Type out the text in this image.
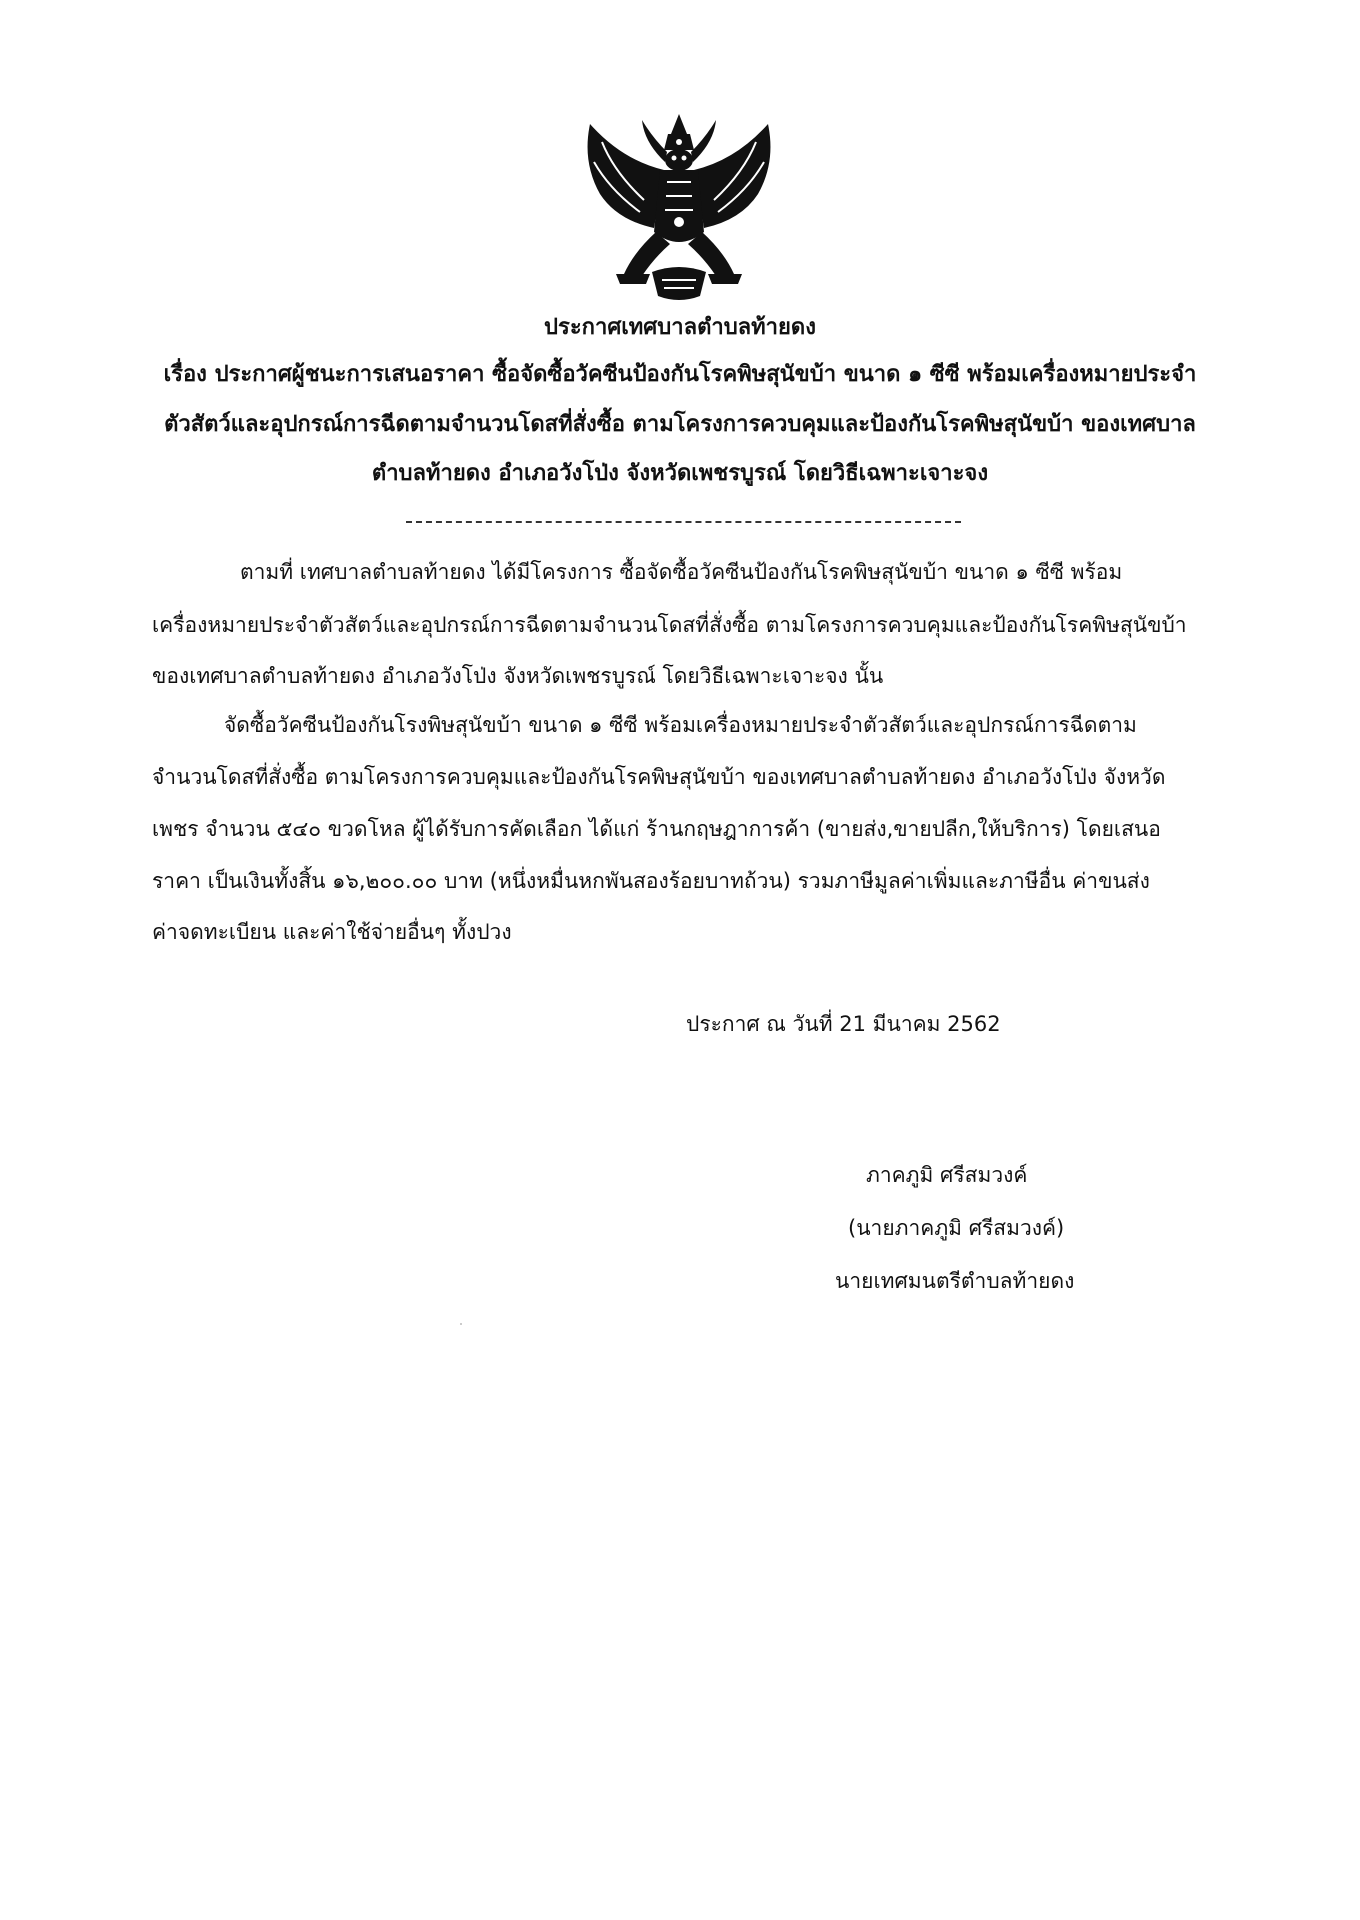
ประกาศเทศบาลตำบลท้ายดง
เรื่อง ประกาศผู้ชนะการเสนอราคา ซื้อจัดซื้อวัคซีนป้องกันโรคพิษสุนัขบ้า ขนาด ๑ ซีซี พร้อมเครื่องหมายประจำ
ตัวสัตว์และอุปกรณ์การฉีดตามจำนวนโดสที่สั่งซื้อ ตามโครงการควบคุมและป้องกันโรคพิษสุนัขบ้า ของเทศบาล
ตำบลท้ายดง อำเภอวังโป่ง จังหวัดเพชรบูรณ์ โดยวิธีเฉพาะเจาะจง
ตามที่ เทศบาลตำบลท้ายดง ได้มีโครงการ ซื้อจัดซื้อวัคซีนป้องกันโรคพิษสุนัขบ้า ขนาด ๑ ซีซี พร้อม
เครื่องหมายประจำตัวสัตว์และอุปกรณ์การฉีดตามจำนวนโดสที่สั่งซื้อ ตามโครงการควบคุมและป้องกันโรคพิษสุนัขบ้า
ของเทศบาลตำบลท้ายดง อำเภอวังโป่ง จังหวัดเพชรบูรณ์ โดยวิธีเฉพาะเจาะจง นั้น
จัดซื้อวัคซีนป้องกันโรงพิษสุนัขบ้า ขนาด ๑ ซีซี พร้อมเครื่องหมายประจำตัวสัตว์และอุปกรณ์การฉีดตาม
จำนวนโดสที่สั่งซื้อ ตามโครงการควบคุมและป้องกันโรคพิษสุนัขบ้า ของเทศบาลตำบลท้ายดง อำเภอวังโป่ง จังหวัด
เพชร จำนวน ๕๔๐ ขวดโหล ผู้ได้รับการคัดเลือก ได้แก่ ร้านกฤษฎาการค้า (ขายส่ง,ขายปลีก,ให้บริการ) โดยเสนอ
ราคา เป็นเงินทั้งสิ้น ๑๖,๒๐๐.๐๐ บาท (หนึ่งหมื่นหกพันสองร้อยบาทถ้วน) รวมภาษีมูลค่าเพิ่มและภาษีอื่น ค่าขนส่ง
ค่าจดทะเบียน และค่าใช้จ่ายอื่นๆ ทั้งปวง
ประกาศ ณ วันที่ 21 มีนาคม 2562
ภาคภูมิ ศรีสมวงค์
(นายภาคภูมิ ศรีสมวงค์)
นายเทศมนตรีตำบลท้ายดง
